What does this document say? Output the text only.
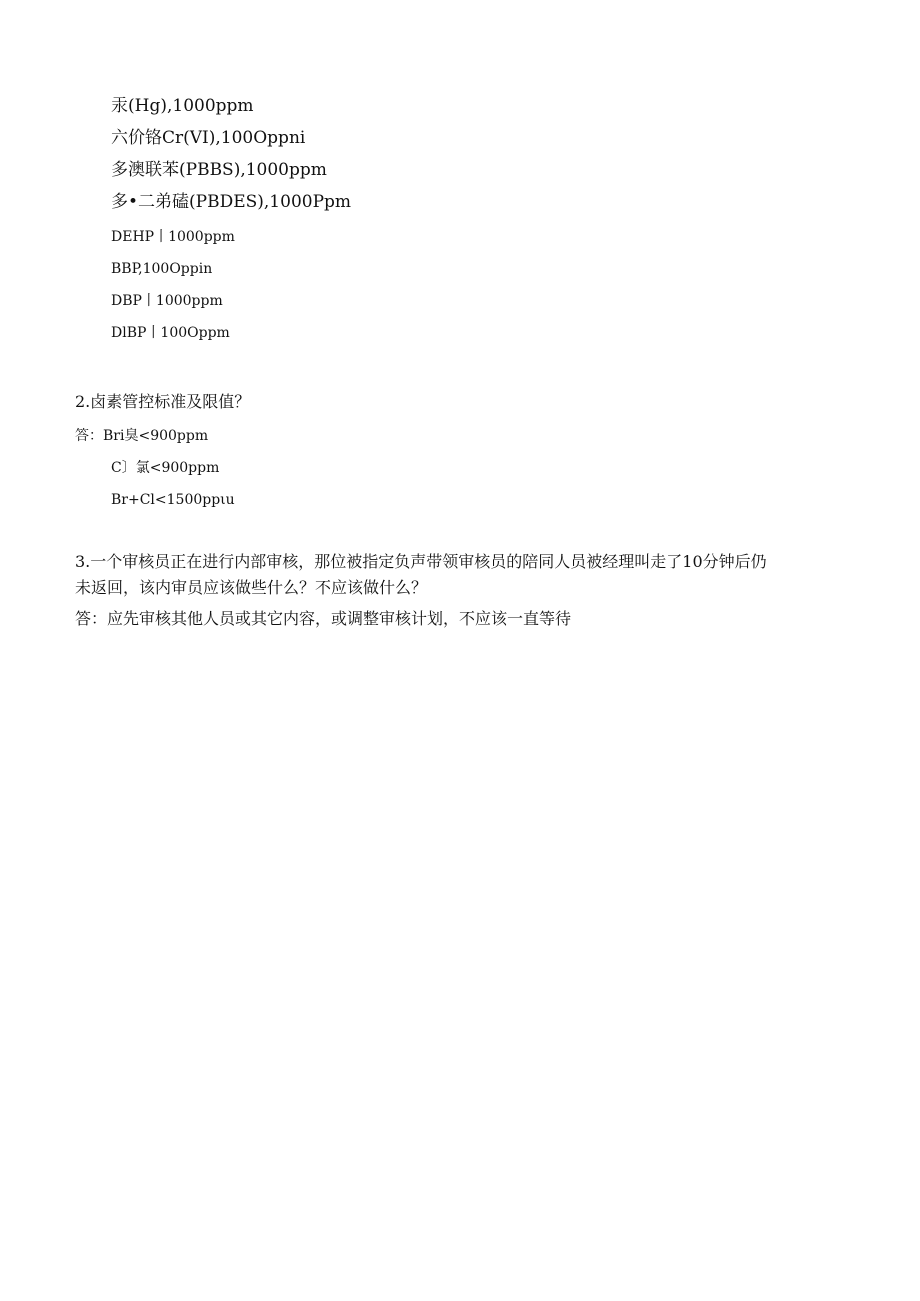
汞(Hg),1000ppm
六价铬Cr(VI),100Oppni
多澳联苯(PBBS),1000ppm
多•二弟磕(PBDES),1000Ppm
DEHP丨1000ppm
BBP,100Oppin
DBP丨1000ppm
DlBP丨100Oppm
2.卤素管控标准及限值？
答：Bri臭<900ppm
C〕氯<900ppm
Br+Cl<1500ppιu
3.一个审核员正在进行内部审核，那位被指定负声带领审核员的陪同人员被经理叫走了10分钟后仍
未返回，该内审员应该做些什么？不应该做什么？
答：应先审核其他人员或其它内容，或调整审核计划，不应该一直等待
